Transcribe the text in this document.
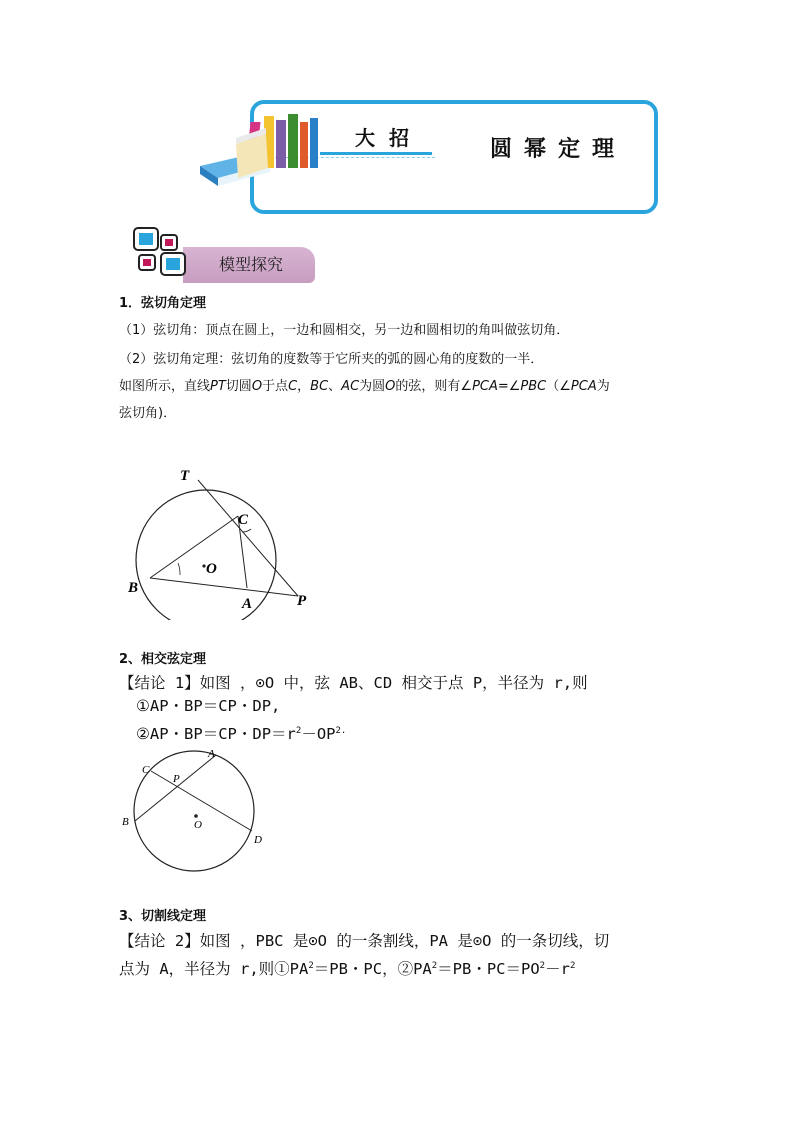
大招	圆幂定理
模型探究
1．弦切角定理
（1）弦切角：顶点在圆上，一边和圆相交，另一边和圆相切的角叫做弦切角．
（2）弦切角定理：弦切角的度数等于它所夹的弧的圆心角的度数的一半．
如图所示，直线PT切圆O于点C，BC、AC为圆O的弦，则有∠PCA=∠PBC（∠PCA为
弦切角)．
T
C
O
B
A	P
2、相交弦定理
【结论 1】如图 ，⊙O 中，弦 AB、CD 相交于点 P，半径为 r,则
①AP・BP＝CP・DP,
②AP・BP＝CP・$DP=r^2-OP^{2.}$
C
P
A
B	O
D
3、切割线定理
【结论 2】如图 ，PBC 是⊙O 的一条割线，PA 是⊙O 的一条切线，切
点为 A，半径为 r,则$①PA^2=PB$・PC，$②PA^2=PB$・$PC=PO^2-r^2$
